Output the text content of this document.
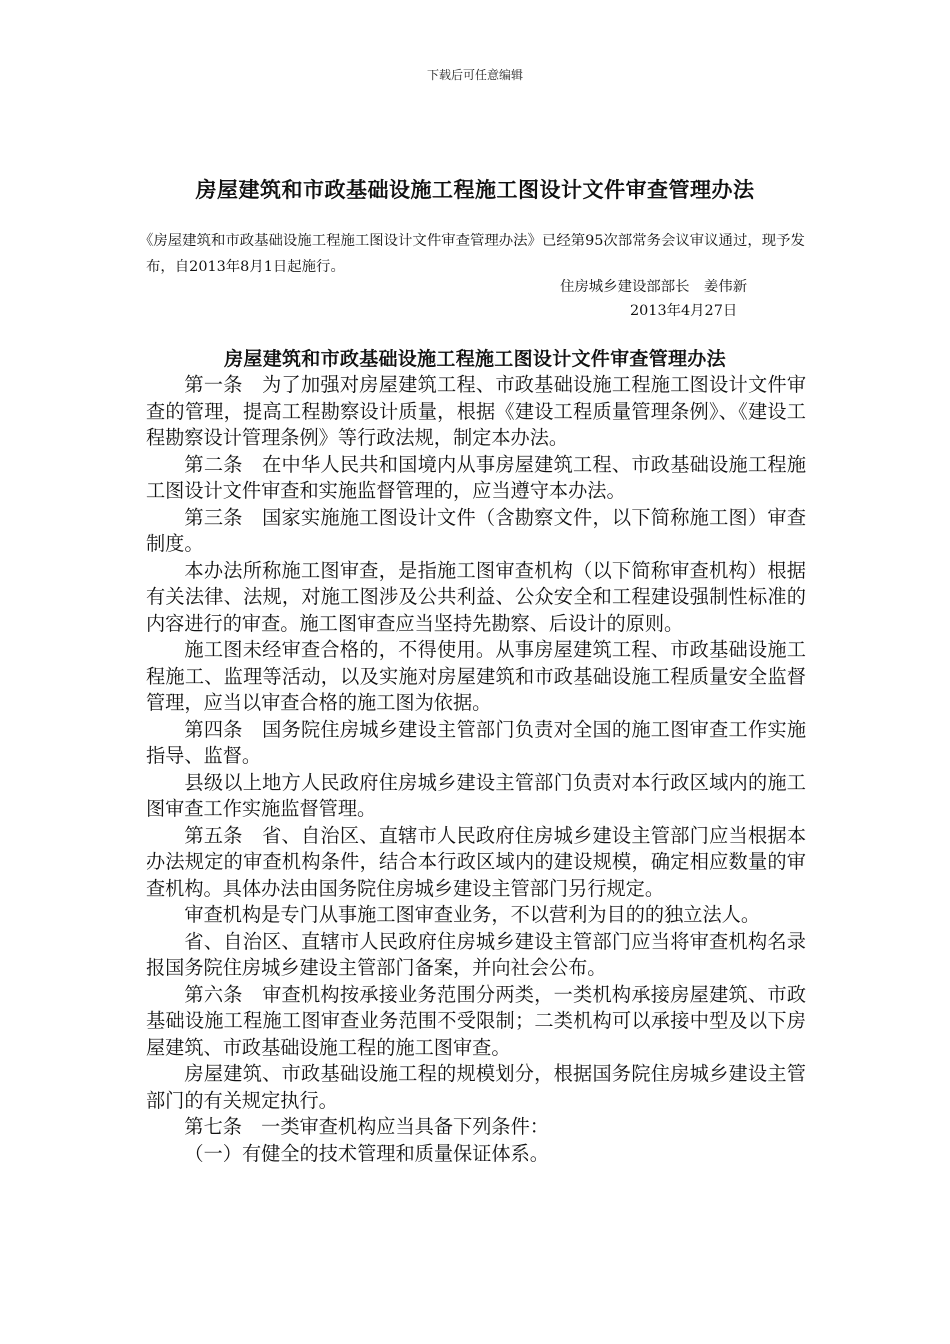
下载后可任意编辑
房屋建筑和市政基础设施工程施工图设计文件审查管理办法
《房屋建筑和市政基础设施工程施工图设计文件审查管理办法》已经第95次部常务会议审议通过，现予发布，自2013年8月1日起施行。
住房城乡建设部部长　姜伟新
2013年4月27日
房屋建筑和市政基础设施工程施工图设计文件审查管理办法

第一条　为了加强对房屋建筑工程、市政基础设施工程施工图设计文件审查的管理，提高工程勘察设计质量，根据《建设工程质量管理条例》、《建设工程勘察设计管理条例》等行政法规，制定本办法。

第二条　在中华人民共和国境内从事房屋建筑工程、市政基础设施工程施工图设计文件审查和实施监督管理的，应当遵守本办法。

第三条　国家实施施工图设计文件（含勘察文件，以下简称施工图）审查制度。

本办法所称施工图审查，是指施工图审查机构（以下简称审查机构）根据有关法律、法规，对施工图涉及公共利益、公众安全和工程建设强制性标准的内容进行的审查。施工图审查应当坚持先勘察、后设计的原则。

施工图未经审查合格的，不得使用。从事房屋建筑工程、市政基础设施工程施工、监理等活动，以及实施对房屋建筑和市政基础设施工程质量安全监督管理，应当以审查合格的施工图为依据。

第四条　国务院住房城乡建设主管部门负责对全国的施工图审查工作实施指导、监督。

县级以上地方人民政府住房城乡建设主管部门负责对本行政区域内的施工图审查工作实施监督管理。

第五条　省、自治区、直辖市人民政府住房城乡建设主管部门应当根据本办法规定的审查机构条件，结合本行政区域内的建设规模，确定相应数量的审查机构。具体办法由国务院住房城乡建设主管部门另行规定。

审查机构是专门从事施工图审查业务，不以营利为目的的独立法人。

省、自治区、直辖市人民政府住房城乡建设主管部门应当将审查机构名录报国务院住房城乡建设主管部门备案，并向社会公布。

第六条　审查机构按承接业务范围分两类，一类机构承接房屋建筑、市政基础设施工程施工图审查业务范围不受限制；二类机构可以承接中型及以下房屋建筑、市政基础设施工程的施工图审查。

房屋建筑、市政基础设施工程的规模划分，根据国务院住房城乡建设主管部门的有关规定执行。

第七条　一类审查机构应当具备下列条件：

（一）有健全的技术管理和质量保证体系。
